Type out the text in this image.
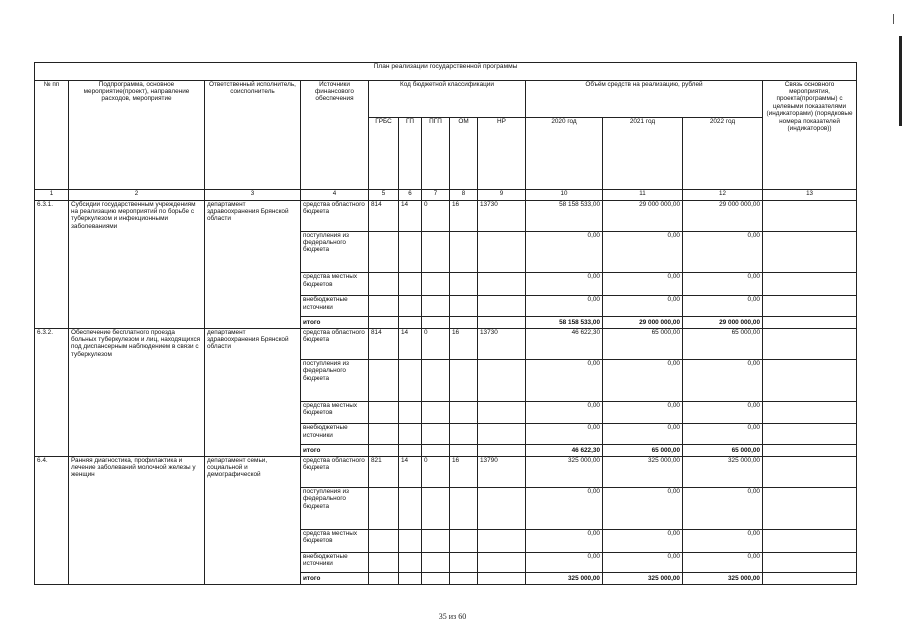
План реализации государственной программы												
№ пп	Подпрограмма, основное мероприятие(проект), направление расходов, мероприятие	Ответственный исполнитель, соисполнитель	Источники финансового обеспечения	Код бюджетной классификации					Объём средств на реализацию, рублей			Связь основного мероприятия, проекта(программы) с целевыми показателями (индикаторами) (порядковые номера показателей (индикаторов))
				ГРБС	ГП	ПГП	ОМ	НР	2020 год	2021 год	2022 год	
1	2	3	4	5	6	7	8	9	10	11	12	13
6.3.1.	Субсидии государственным учреждениям на реализацию мероприятий по борьбе с туберкулезом и инфекционными заболеваниями	департамент здравоохранения Брянской области	средства областного бюджета	814	14	0	16	13730	58 158 533,00	29 000 000,00	29 000 000,00	
			поступления из федерального бюджета						0,00	0,00	0,00	
			средства местных бюджетов						0,00	0,00	0,00	
			внебюджетные источники						0,00	0,00	0,00	
			итого						58 158 533,00	29 000 000,00	29 000 000,00	
6.3.2.	Обеспечение бесплатного проезда больных туберкулезом и лиц, находящихся под диспансерным наблюдением в связи с туберкулезом	департамент здравоохранения Брянской области	средства областного бюджета	814	14	0	16	13730	46 622,30	65 000,00	65 000,00	
			поступления из федерального бюджета						0,00	0,00	0,00	
			средства местных бюджетов						0,00	0,00	0,00	
			внебюджетные источники						0,00	0,00	0,00	
			итого						46 622,30	65 000,00	65 000,00	
6.4.	Ранняя диагностика, профилактика и лечение заболеваний молочной железы у женщин	департамент семьи, социальной и демографической	средства областного бюджета	821	14	0	16	13790	325 000,00	325 000,00	325 000,00	
			поступления из федерального бюджета						0,00	0,00	0,00	
			средства местных бюджетов						0,00	0,00	0,00	
			внебюджетные источники						0,00	0,00	0,00	
			итого						325 000,00	325 000,00	325 000,00	
35 из 60
